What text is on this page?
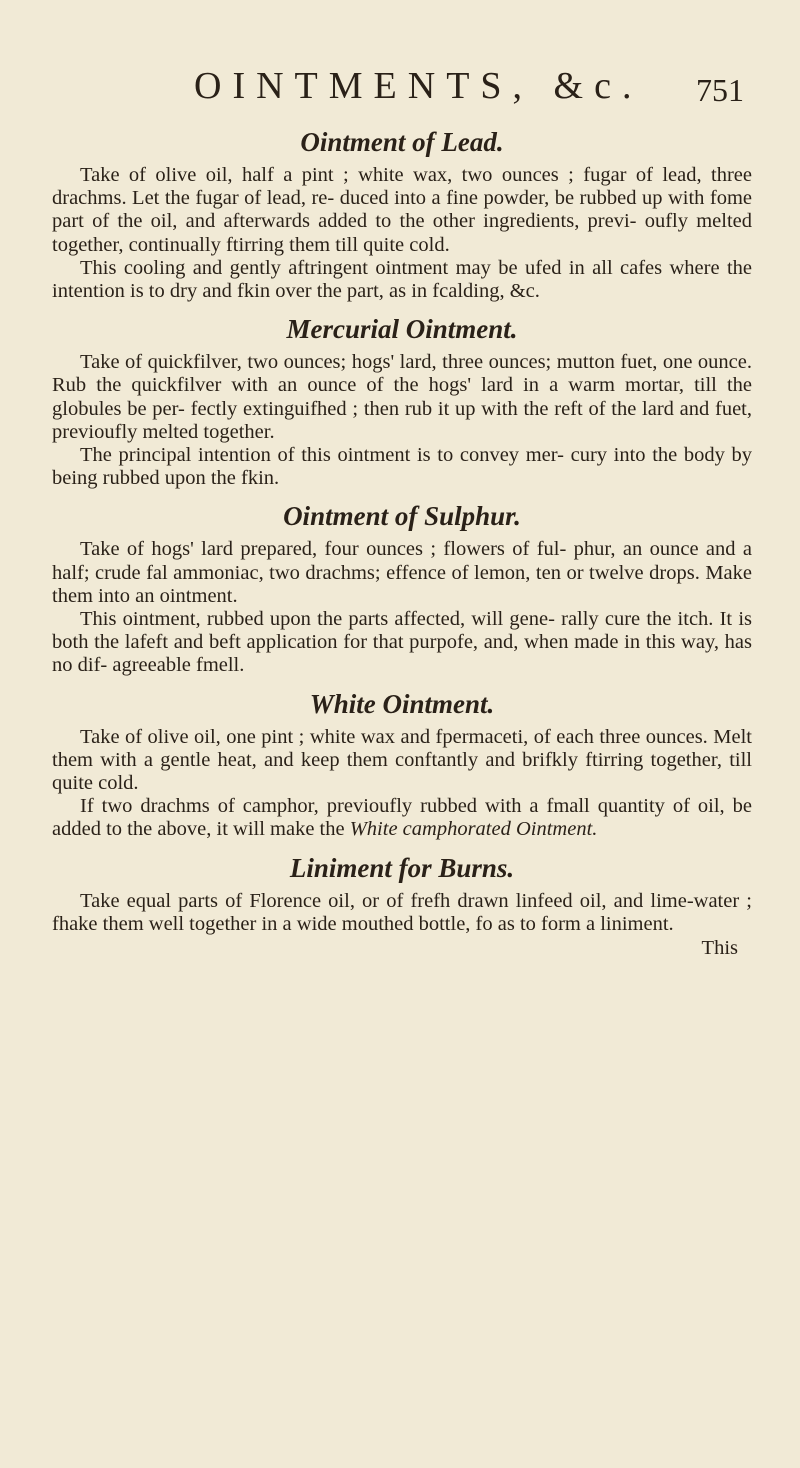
OINTMENTS, &c. 751
Ointment of Lead.

Take of olive oil, half a pint ; white wax, two ounces ; fugar of lead, three drachms. Let the fugar of lead, re- duced into a fine powder, be rubbed up with fome part of the oil, and afterwards added to the other ingredients, previ- oufly melted together, continually ftirring them till quite cold.

This cooling and gently aftringent ointment may be ufed in all cafes where the intention is to dry and fkin over the part, as in fcalding, &c.

Mercurial Ointment.

Take of quickfilver, two ounces; hogs' lard, three ounces; mutton fuet, one ounce. Rub the quickfilver with an ounce of the hogs' lard in a warm mortar, till the globules be per- fectly extinguifhed ; then rub it up with the reft of the lard and fuet, previoufly melted together.

The principal intention of this ointment is to convey mer- cury into the body by being rubbed upon the fkin.

Ointment of Sulphur.

Take of hogs' lard prepared, four ounces ; flowers of ful- phur, an ounce and a half; crude fal ammoniac, two drachms; effence of lemon, ten or twelve drops. Make them into an ointment.

This ointment, rubbed upon the parts affected, will gene- rally cure the itch. It is both the lafeft and beft application for that purpofe, and, when made in this way, has no dif- agreeable fmell.

White Ointment.

Take of olive oil, one pint ; white wax and fpermaceti, of each three ounces. Melt them with a gentle heat, and keep them conftantly and brifkly ftirring together, till quite cold.

If two drachms of camphor, previoufly rubbed with a fmall quantity of oil, be added to the above, it will make the White camphorated Ointment.

Liniment for Burns.

Take equal parts of Florence oil, or of frefh drawn linfeed oil, and lime-water ; fhake them well together in a wide mouthed bottle, fo as to form a liniment.

This
